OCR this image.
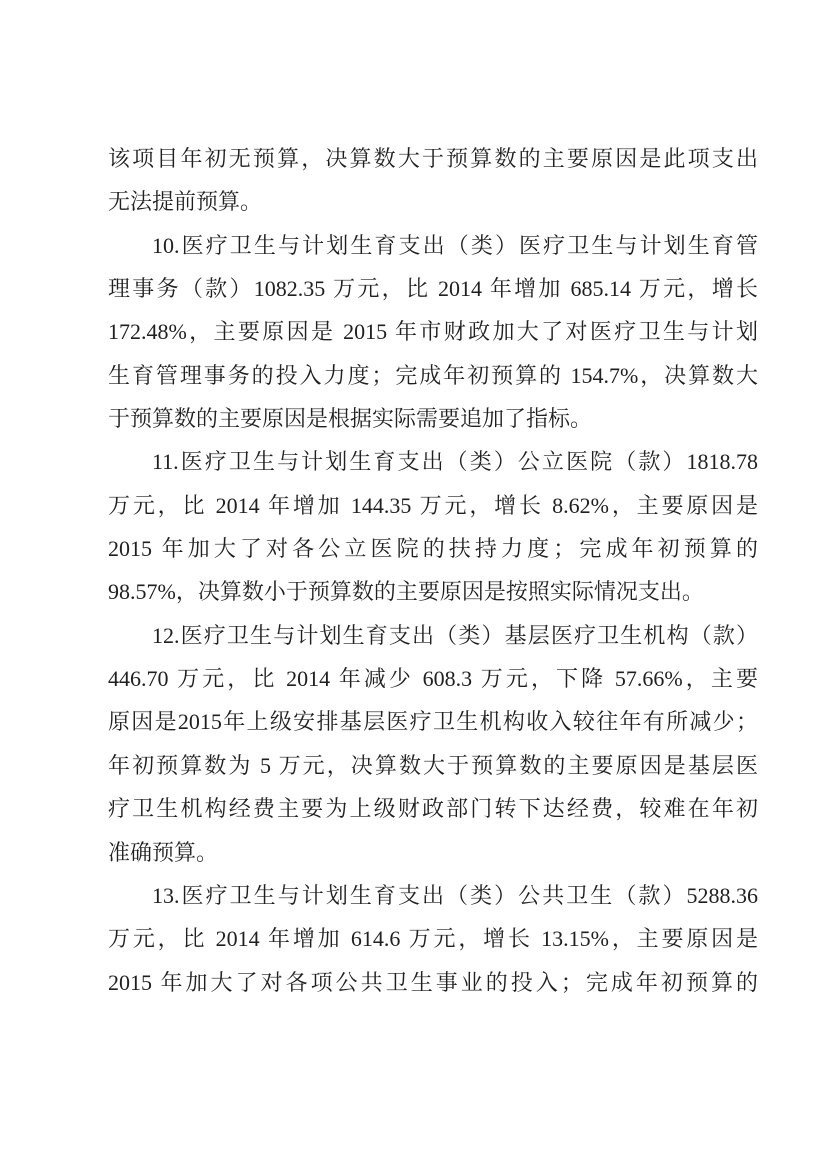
该项目年初无预算，决算数大于预算数的主要原因是此项支出
无法提前预算。
10.医疗卫生与计划生育支出（类）医疗卫生与计划生育管
理事务（款）1082.35 万元，比 2014 年增加 685.14 万元，增长
172.48%，主要原因是 2015 年市财政加大了对医疗卫生与计划
生育管理事务的投入力度；完成年初预算的 154.7%，决算数大
于预算数的主要原因是根据实际需要追加了指标。
11.医疗卫生与计划生育支出（类）公立医院（款）1818.78
万元，比 2014 年增加 144.35 万元，增长 8.62%，主要原因是
2015 年加大了对各公立医院的扶持力度；完成年初预算的
98.57%，决算数小于预算数的主要原因是按照实际情况支出。
12.医疗卫生与计划生育支出（类）基层医疗卫生机构（款）
446.70 万元，比 2014 年减少 608.3 万元，下降 57.66%，主要
原因是2015年上级安排基层医疗卫生机构收入较往年有所减少；
年初预算数为 5 万元，决算数大于预算数的主要原因是基层医
疗卫生机构经费主要为上级财政部门转下达经费，较难在年初
准确预算。
13.医疗卫生与计划生育支出（类）公共卫生（款）5288.36
万元，比 2014 年增加 614.6 万元，增长 13.15%，主要原因是
2015 年加大了对各项公共卫生事业的投入；完成年初预算的
